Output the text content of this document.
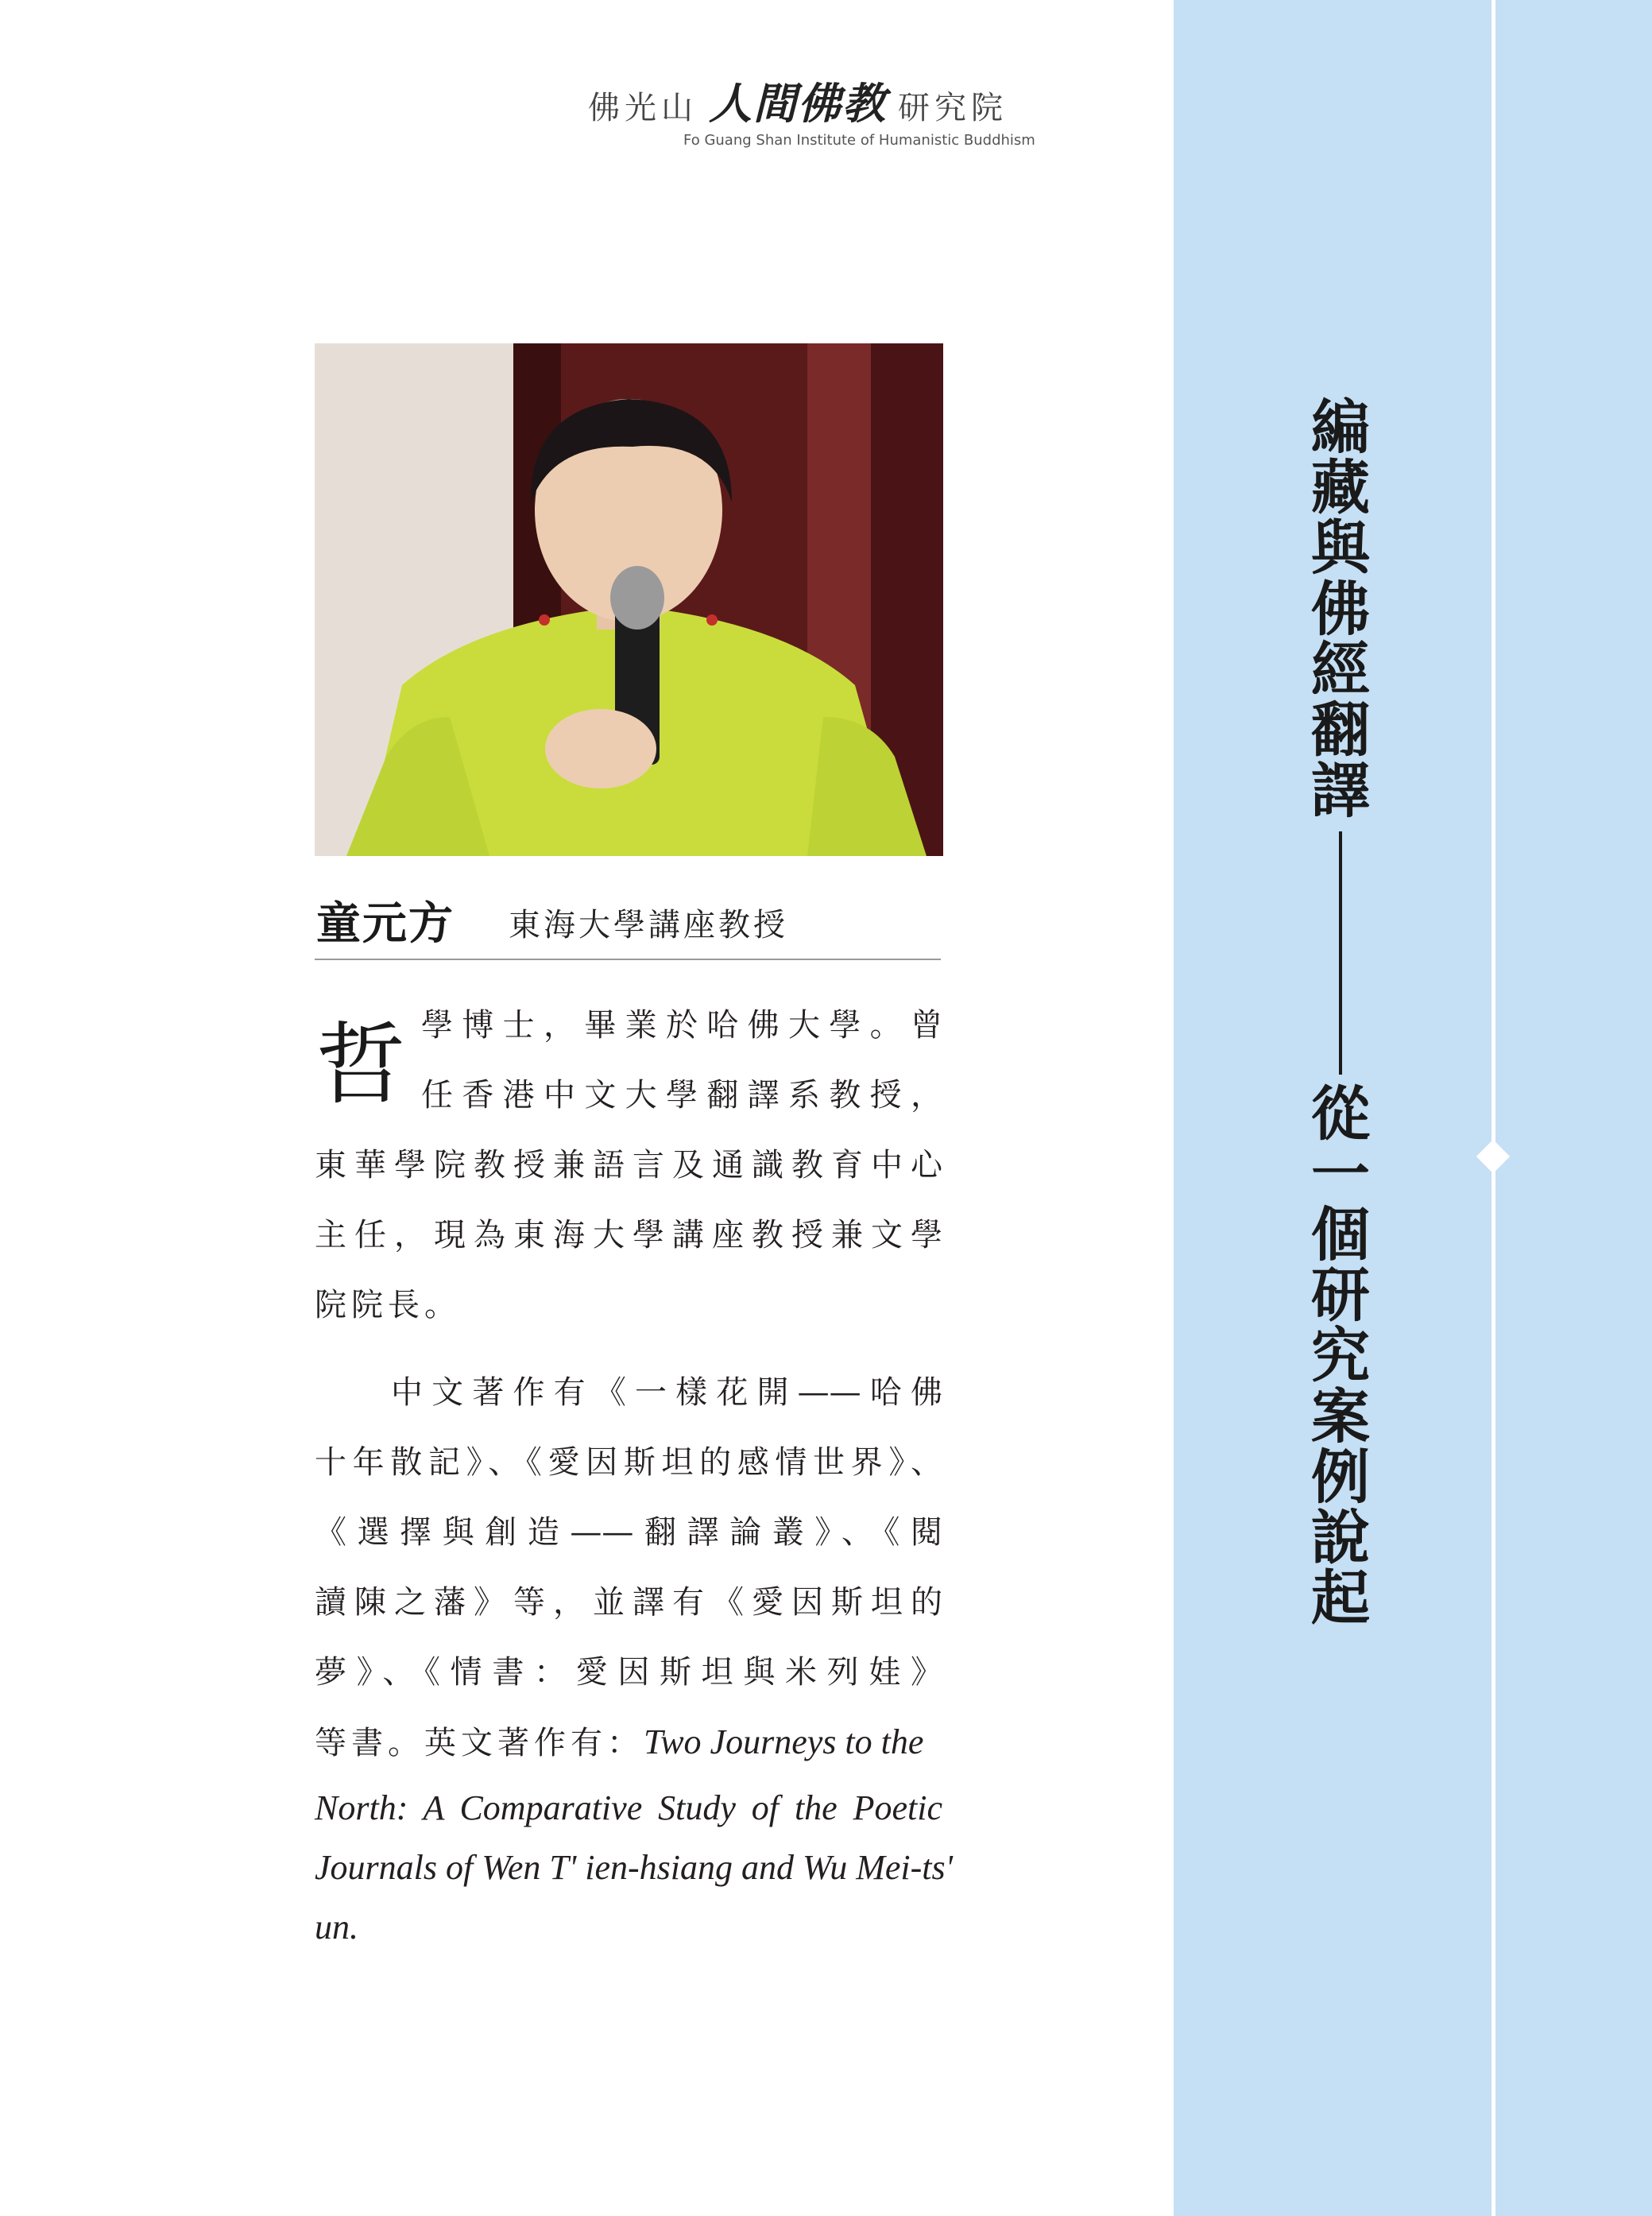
佛光山 人間佛教 研究院
Fo Guang Shan Institute of Humanistic Buddhism
編
藏
與
佛
經
翻
譯
從
一
個
研
究
案
例
說
起
童元方 東海大學講座教授
哲 學博士，畢業於哈佛大學。曾
任香港中文大學翻譯系教授，
東華學院教授兼語言及通識教育中心
主任，現為東海大學講座教授兼文學
院院長。
中文著作有《一樣花開——哈佛
十年散記》、《愛因斯坦的感情世界》、
《選擇與創造——翻譯論叢》、《閱
讀陳之藩》等，並譯有《愛因斯坦的
夢》、《情書：愛因斯坦與米列娃》
等書。英文著作有：Two Journeys to the
North: A Comparative Study of the Poetic
Journals of Wen T' ien-hsiang and Wu Mei-ts'
un.
